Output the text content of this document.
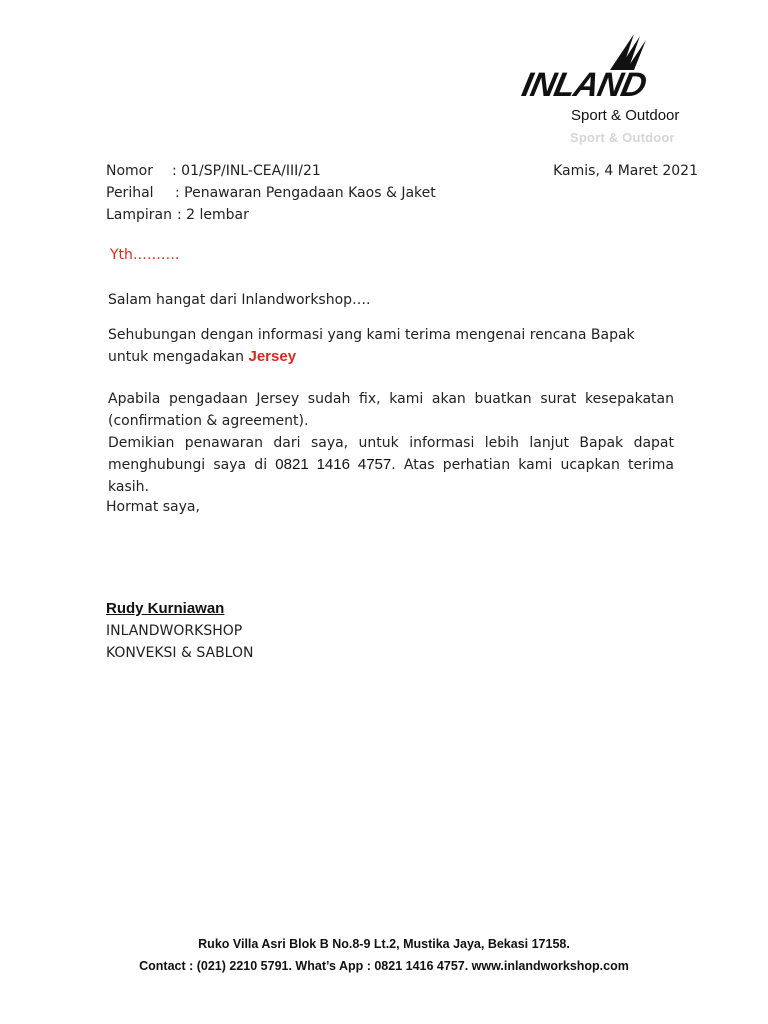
INLAND
Sport & Outdoor
Sport & Outdoor
Nomor	: 01/SP/INL-CEA/III/21
Perihal	: Penawaran Pengadaan Kaos & Jaket
Lampiran : 2 lembar
Kamis, 4 Maret 2021
Yth……….
Salam hangat dari Inlandworkshop….
Sehubungan dengan informasi yang kami terima mengenai rencana Bapak untuk mengadakan Jersey
Apabila pengadaan Jersey sudah fix, kami akan buatkan surat kesepakatan (confirmation & agreement).
Demikian penawaran dari saya, untuk informasi lebih lanjut Bapak dapat menghubungi saya di 0821 1416 4757. Atas perhatian kami ucapkan terima kasih.
Hormat saya,
Rudy Kurniawan
INLANDWORKSHOP
KONVEKSI & SABLON
Ruko Villa Asri Blok B No.8-9 Lt.2, Mustika Jaya, Bekasi 17158.
Contact : (021) 2210 5791. What’s App : 0821 1416 4757. www.inlandworkshop.com
